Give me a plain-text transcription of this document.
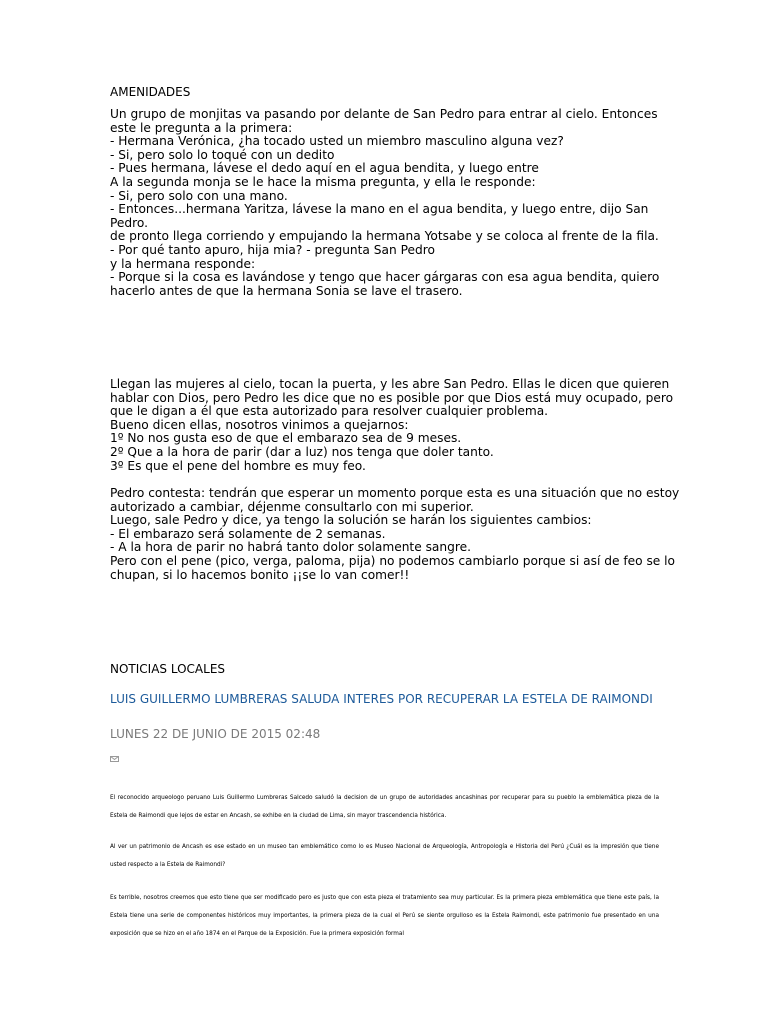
AMENIDADES
Un grupo de monjitas va pasando por delante de San Pedro para entrar al cielo. Entonces
este le pregunta a la primera:
- Hermana Verónica, ¿ha tocado usted un miembro masculino alguna vez?
- Si, pero solo lo toqué con un dedito
- Pues hermana, lávese el dedo aquí en el agua bendita, y luego entre
A la segunda monja se le hace la misma pregunta, y ella le responde:
- Si, pero solo con una mano.
- Entonces...hermana Yaritza, lávese la mano en el agua bendita, y luego entre, dijo San
Pedro.
de pronto llega corriendo y empujando la hermana Yotsabe y se coloca al frente de la fila.
- Por qué tanto apuro, hija mia? - pregunta San Pedro
y la hermana responde:
- Porque si la cosa es lavándose y tengo que hacer gárgaras con esa agua bendita, quiero
hacerlo antes de que la hermana Sonia se lave el trasero.
Llegan las mujeres al cielo, tocan la puerta, y les abre San Pedro. Ellas le dicen que quieren
hablar con Dios, pero Pedro les dice que no es posible por que Dios está muy ocupado, pero
que le digan a él que esta autorizado para resolver cualquier problema.
Bueno dicen ellas, nosotros vinimos a quejarnos:
1º No nos gusta eso de que el embarazo sea de 9 meses.
2º Que a la hora de parir (dar a luz) nos tenga que doler tanto.
3º Es que el pene del hombre es muy feo.
Pedro contesta: tendrán que esperar un momento porque esta es una situación que no estoy
autorizado a cambiar, déjenme consultarlo con mi superior.
Luego, sale Pedro y dice, ya tengo la solución se harán los siguientes cambios:
- El embarazo será solamente de 2 semanas.
- A la hora de parir no habrá tanto dolor solamente sangre.
Pero con el pene (pico, verga, paloma, pija) no podemos cambiarlo porque si así de feo se lo
chupan, si lo hacemos bonito ¡¡se lo van comer!!
NOTICIAS LOCALES
LUIS GUILLERMO LUMBRERAS SALUDA INTERES POR RECUPERAR LA ESTELA DE RAIMONDI
LUNES 22 DE JUNIO DE 2015 02:48
El reconocido arqueologo peruano Luis Guillermo Lumbreras Salcedo saludó la decision de un grupo de autoridades ancashinas por recuperar para su pueblo la emblemática pieza de la Estela de Raimondi que lejos de estar en Ancash, se exhibe en la ciudad de Lima, sin mayor trascendencia histórica.
Al ver un patrimonio de Ancash es ese estado en un museo tan emblemático como lo es Museo Nacional de Arqueología, Antropología e Historia del Perú ¿Cuál es la impresión que tiene usted respecto a la Estela de Raimondi?
Es terrible, nosotros creemos que esto tiene que ser modificado pero es justo que con esta pieza el tratamiento sea muy particular. Es la primera pieza emblemática que tiene este país, la Estela tiene una serie de componentes históricos muy importantes, la primera pieza de la cual el Perú se siente orgulloso es la Estela Raimondi, este patrimonio fue presentado en una exposición que se hizo en el año 1874 en el Parque de la Exposición. Fue la primera exposición formal
